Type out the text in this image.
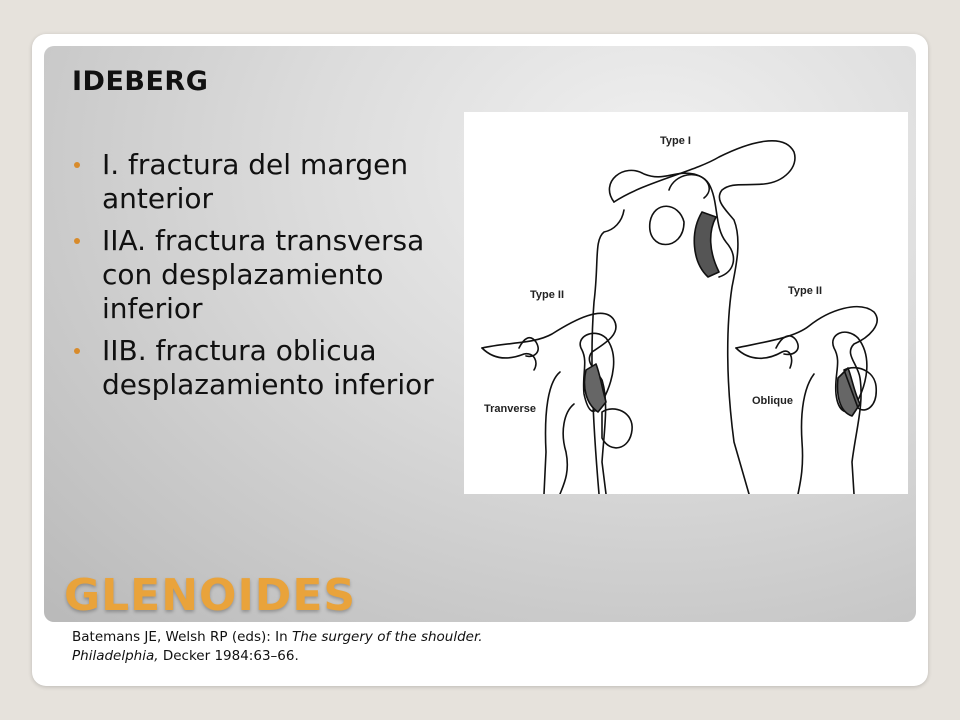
IDEBERG
I. fractura del margen anterior
IIA. fractura transversa con desplazamiento inferior
IIB. fractura oblicua desplazamiento inferior
Type I
Type II
Tranverse
Type II
Oblique
GLENOIDES
Batemans JE, Welsh RP (eds): In The surgery of the shoulder. Philadelphia, Decker 1984:63–66.
